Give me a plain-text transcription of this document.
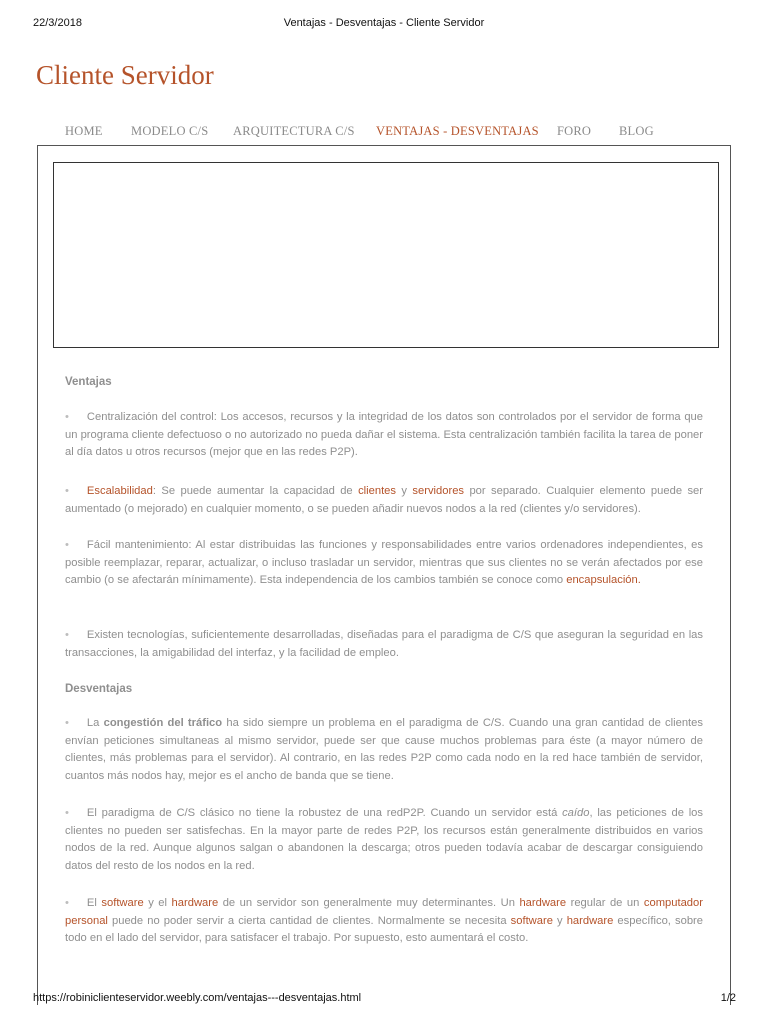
22/3/2018	Ventajas - Desventajas - Cliente Servidor
Cliente Servidor
HOME MODELO C/S ARQUITECTURA C/S VENTAJAS - DESVENTAJAS FORO BLOG
Ventajas
• Centralización del control: Los accesos, recursos y la integridad de los datos son controlados por el servidor de forma que un programa cliente defectuoso o no autorizado no pueda dañar el sistema. Esta centralización también facilita la tarea de poner al día datos u otros recursos (mejor que en las redes P2P).
• Escalabilidad: Se puede aumentar la capacidad de clientes y servidores por separado. Cualquier elemento puede ser aumentado (o mejorado) en cualquier momento, o se pueden añadir nuevos nodos a la red (clientes y/o servidores).
• Fácil mantenimiento: Al estar distribuidas las funciones y responsabilidades entre varios ordenadores independientes, es posible reemplazar, reparar, actualizar, o incluso trasladar un servidor, mientras que sus clientes no se verán afectados por ese cambio (o se afectarán mínimamente). Esta independencia de los cambios también se conoce como encapsulación.
• Existen tecnologías, suficientemente desarrolladas, diseñadas para el paradigma de C/S que aseguran la seguridad en las transacciones, la amigabilidad del interfaz, y la facilidad de empleo.
Desventajas
• La congestión del tráfico ha sido siempre un problema en el paradigma de C/S. Cuando una gran cantidad de clientes envían peticiones simultaneas al mismo servidor, puede ser que cause muchos problemas para éste (a mayor número de clientes, más problemas para el servidor). Al contrario, en las redes P2P como cada nodo en la red hace también de servidor, cuantos más nodos hay, mejor es el ancho de banda que se tiene.
• El paradigma de C/S clásico no tiene la robustez de una redP2P. Cuando un servidor está caído, las peticiones de los clientes no pueden ser satisfechas. En la mayor parte de redes P2P, los recursos están generalmente distribuidos en varios nodos de la red. Aunque algunos salgan o abandonen la descarga; otros pueden todavía acabar de descargar consiguiendo datos del resto de los nodos en la red.
• El software y el hardware de un servidor son generalmente muy determinantes. Un hardware regular de un computador personal puede no poder servir a cierta cantidad de clientes. Normalmente se necesita software y hardware específico, sobre todo en el lado del servidor, para satisfacer el trabajo. Por supuesto, esto aumentará el costo.
https://robiniclienteservidor.weebly.com/ventajas---desventajas.html	1/2
